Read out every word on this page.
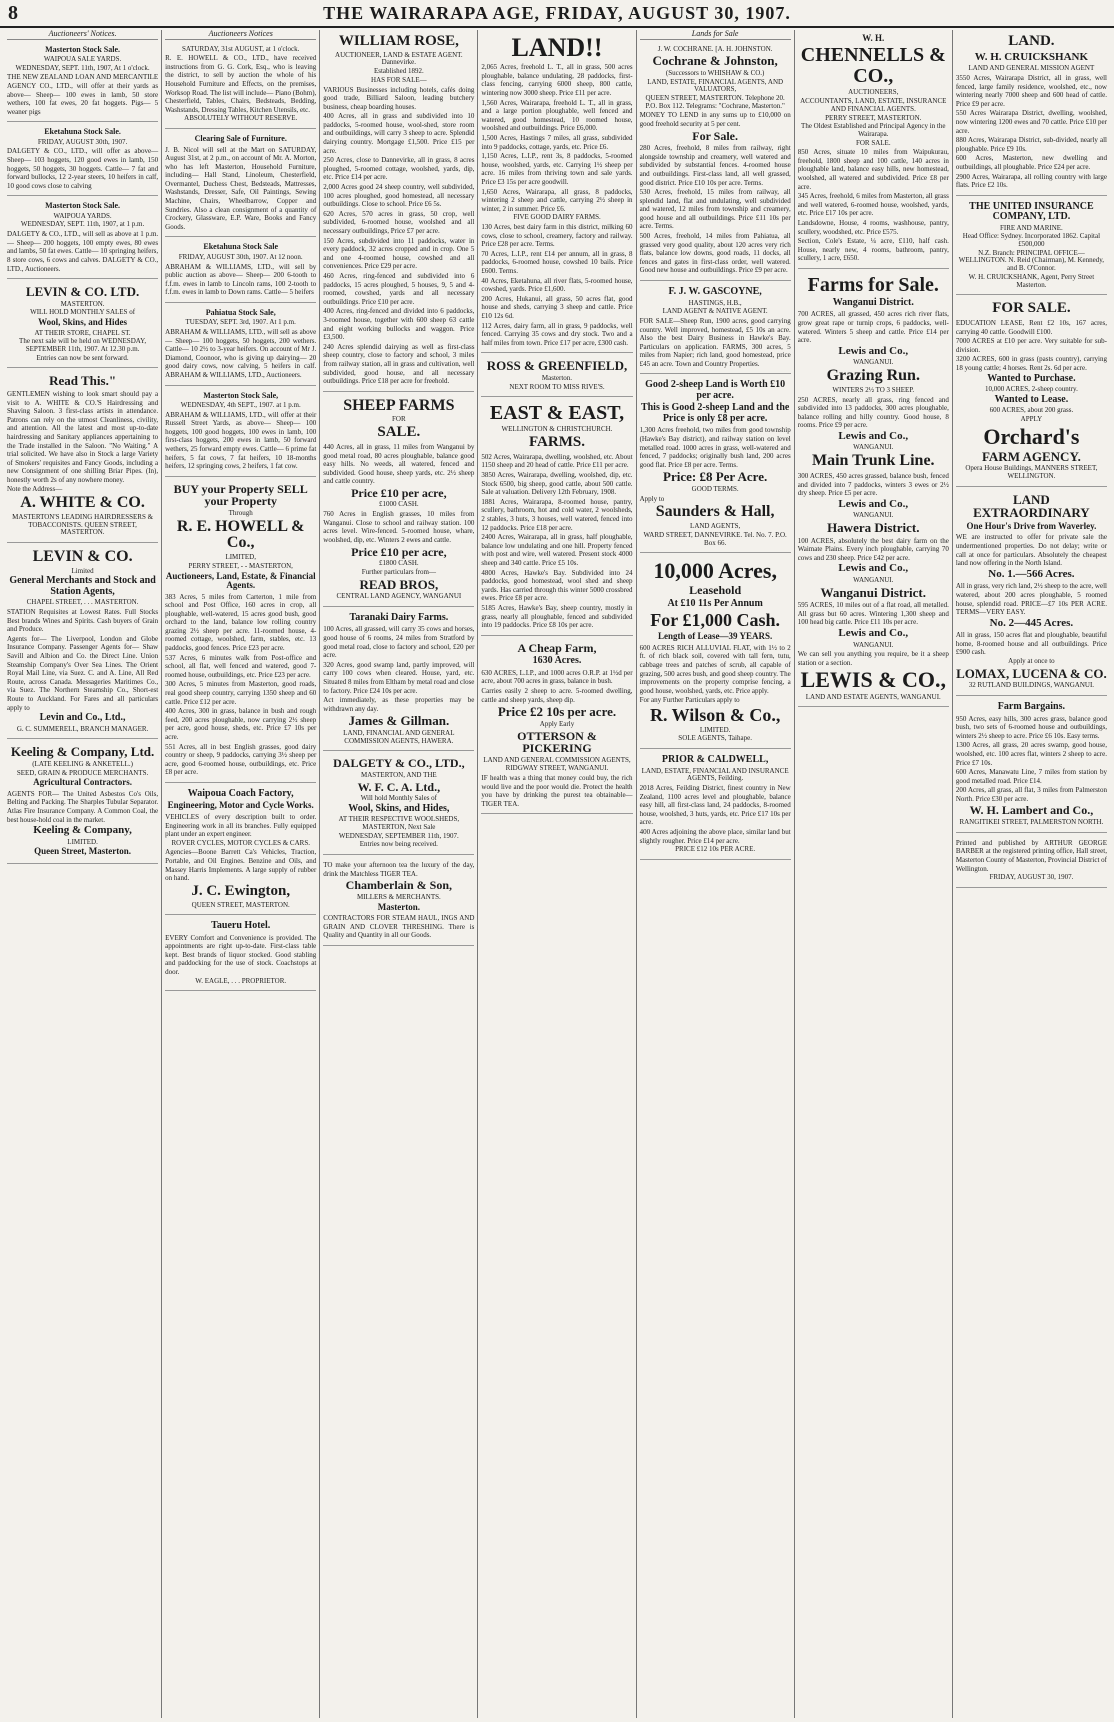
8	THE WAIRARAPA AGE, FRIDAY, AUGUST 30, 1907.
Auctioneers' Notices.
Masterton Stock Sale.
WAIPOUA SALE YARDS.
WEDNESDAY, SEPT. 11th, 1907, At 1 o'clock.
THE NEW ZEALAND LOAN AND MERCANTILE AGENCY CO., LTD., will offer at their yards as above— Sheep— 100 ewes in lamb, 50 store wethers, 100 fat ewes, 20 fat hoggets. Pigs— 5 weaner pigs
Eketahuna Stock Sale.
FRIDAY, AUGUST 30th, 1907.
DALGETY & CO., LTD., will offer as above— Sheep— 103 hoggets, 120 good ewes in lamb, 150 hoggets, 50 hoggets, 30 hoggets. Cattle— 7 fat and forward bullocks, 12 2-year steers, 10 heifers in calf, 10 good cows close to calving
Masterton Stock Sale.
WAIPOUA YARDS.
WEDNESDAY, SEPT. 11th, 1907, at 1 p.m.
DALGETY & CO., LTD., will sell as above at 1 p.m.— Sheep— 200 hoggets, 100 empty ewes, 80 ewes and lambs, 50 fat ewes. Cattle— 10 springing heifers, 8 store cows, 6 cows and calves. DALGETY & CO., LTD., Auctioneers.
LEVIN & CO. LTD.
MASTERTON.
WILL HOLD MONTHLY SALES of
Wool, Skins, and Hides
AT THEIR STORE, CHAPEL ST.
The next sale will be held on WEDNESDAY, SEPTEMBER 11th, 1907. At 12.30 p.m.
Entries can now be sent forward.
Read This."
GENTLEMEN wishing to look smart should pay a visit to A. WHITE & CO.'S Hairdressing and Shaving Saloon. 3 first-class artists in attendance. Patrons can rely on the utmost Cleanliness, civility, and attention. All the latest and most up-to-date hairdressing and Sanitary appliances appertaining to the Trade installed in the Saloon. "No Waiting." A trial solicited. We have also in Stock a large Variety of Smokers' requisites and Fancy Goods, including a new Consignment of one shilling Briar Pipes. (In), honestly worth 2s of any nowhere money.
Note the Address—
A. WHITE & CO.
MASTERTON'S LEADING HAIRDRESSERS & TOBACCONISTS. QUEEN STREET, MASTERTON.
LEVIN & CO.
Limited
General Merchants and Stock and Station Agents,
CHAPEL STREET, . . . MASTERTON.
STATION Requisites at Lowest Rates. Full Stocks Best brands Wines and Spirits. Cash buyers of Grain and Produce.
Agents for— The Liverpool, London and Globe Insurance Company. Passenger Agents for— Shaw Savill and Albion and Co. the Direct Line. Union Steamship Company's Over Sea Lines. The Orient Royal Mail Line, via Suez. C. and A. Line, All Red Route, across Canada. Messageries Maritimes Co., via Suez. The Northern Steamship Co., Short-est Route to Auckland. For Fares and all particulars apply to
Levin and Co., Ltd.,
G. C. SUMMERELL, BRANCH MANAGER.
Keeling & Company, Ltd.
(LATE KEELING & ANKETELL.)
SEED, GRAIN & PRODUCE MERCHANTS.
Agricultural Contractors.
AGENTS FOR— The United Asbestos Co's Oils, Belting and Packing. The Sharples Tubular Separator. Atlas Fire Insurance Company. A Common Coal, the best house-hold coal in the market.
Keeling & Company,
LIMITED.
Queen Street, Masterton.
Auctioneers Notices
SATURDAY, 31st AUGUST, at 1 o'clock.
R. E. HOWELL & CO., LTD., have received instructions from G. G. Cork, Esq., who is leaving the district, to sell by auction the whole of his Household Furniture and Effects, on the premises, Worksop Road. The list will include— Piano (Bohm), Chesterfield, Tables, Chairs, Bedsteads, Bedding, Washstands, Dressing Tables, Kitchen Utensils, etc.
ABSOLUTELY WITHOUT RESERVE.
Clearing Sale of Furniture.
J. B. Nicol will sell at the Mart on SATURDAY, August 31st, at 2 p.m., on account of Mr. A. Morton, who has left Masterton, Household Furniture, including— Hall Stand, Linoleum, Chesterfield, Overmantel, Duchess Chest, Bedsteads, Mattresses, Washstands, Dresser, Safe, Oil Paintings, Sewing Machine, Chairs, Wheelbarrow, Copper and Sundries. Also a clean consignment of a quantity of Crockery, Glassware, E.P. Ware, Books and Fancy Goods.
Eketahuna Stock Sale
FRIDAY, AUGUST 30th, 1907. At 12 noon.
ABRAHAM & WILLIAMS, LTD., will sell by public auction as above— Sheep— 200 6-tooth to f.f.m. ewes in lamb to Lincoln rams, 100 2-tooth to f.f.m. ewes in lamb to Down rams. Cattle— 5 heifers
Pahiatua Stock Sale,
TUESDAY, SEPT. 3rd, 1907. At 1 p.m.
ABRAHAM & WILLIAMS, LTD., will sell as above— Sheep— 100 hoggets, 50 hoggets, 200 wethers. Cattle— 10 2½ to 3-year heifers. On account of Mr J. Diamond, Coonoor, who is giving up dairying— 20 good dairy cows, now calving, 5 heifers in calf. ABRAHAM & WILLIAMS, LTD., Auctioneers.
Masterton Stock Sale,
WEDNESDAY, 4th SEPT., 1907. at 1 p.m.
ABRAHAM & WILLIAMS, LTD., will offer at their Russell Street Yards, as above— Sheep— 100 hoggets, 100 good hoggets, 100 ewes in lamb, 100 first-class hoggets, 200 ewes in lamb, 50 forward wethers, 25 forward empty ewes. Cattle— 6 prime fat heifers, 5 fat cows, 7 fat heifers, 10 18-months heifers, 12 springing cows, 2 heifers, 1 fat cow.
BUY your Property SELL your Property
Through
R. E. HOWELL & Co.,
LIMITED,
PERRY STREET, - - MASTERTON,
Auctioneers, Land, Estate, & Financial Agents.
383 Acres, 5 miles from Carterton, 1 mile from school and Post Office, 160 acres in crop, all ploughable, well-watered, 15 acres good bush, good orchard to the land, balance low rolling country grazing 2½ sheep per acre. 11-roomed house, 4-roomed cottage, woolshed, farm, stables, etc. 13 paddocks, good fences. Price £23 per acre.
537 Acres, 6 minutes walk from Post-office and school, all flat, well fenced and watered, good 7-roomed house, outbuildings, etc. Price £23 per acre.
300 Acres, 5 minutes from Masterton, good roads, real good sheep country, carrying 1350 sheep and 60 cattle. Price £12 per acre.
400 Acres, 300 in grass, balance in bush and rough feed, 200 acres ploughable, now carrying 2½ sheep per acre, good house, sheds, etc. Price £7 10s per acre.
551 Acres, all in best English grasses, good dairy country or sheep, 9 paddocks, carrying 3½ sheep per acre, good 6-roomed house, outbuildings, etc. Price £8 per acre.
Waipoua Coach Factory,
Engineering, Motor and Cycle Works.
VEHICLES of every description built to order. Engineering work in all its branches. Fully equipped plant under an expert engineer.
ROVER CYCLES, MOTOR CYCLES & CARS.
Agencies—Boone Barrett Ca's Vehicles, Traction, Portable, and Oil Engines. Benzine and Oils, and Massey Harris Implements. A large supply of rubber on hand.
J. C. Ewington,
QUEEN STREET, MASTERTON.
Taueru Hotel.
EVERY Comfort and Convenience is provided. The appointments are right up-to-date. First-class table kept. Best brands of liquor stocked. Good stabling and paddocking for the use of stock. Coachstops at door.
W. EAGLE, . . . PROPRIETOR.
WILLIAM ROSE,
AUCTIONEER, LAND & ESTATE AGENT. Dannevirke.
Established 1892.
HAS FOR SALE—
VARIOUS Businesses including hotels, cafés doing good trade, Billiard Saloon, leading butchery business, cheap boarding houses.
400 Acres, all in grass and subdivided into 10 paddocks, 5-roomed house, wool-shed, store room and outbuildings, will carry 3 sheep to acre. Splendid dairying country. Mortgage £1,500. Price £15 per acre.
250 Acres, close to Dannevirke, all in grass, 8 acres ploughed, 5-roomed cottage, woolshed, yards, dip, etc. Price £14 per acre.
2,000 Acres good 24 sheep country, well subdivided, 100 acres ploughed, good homestead, all necessary outbuildings. Close to school. Price £6 5s.
620 Acres, 570 acres in grass, 50 crop, well subdivided, 6-roomed house, woolshed and all necessary outbuildings, Price £7 per acre.
150 Acres, subdivided into 11 paddocks, water in every paddock, 32 acres cropped and in crop. One 5 and one 4-roomed house, cowshed and all conveniences. Price £29 per acre.
460 Acres, ring-fenced and subdivided into 6 paddocks, 15 acres ploughed, 5 houses, 9, 5 and 4-roomed, cowshed, yards and all necessary outbuildings. Price £10 per acre.
400 Acres, ring-fenced and divided into 6 paddocks, 3-roomed house, together with 600 sheep 63 cattle and eight working bullocks and waggon. Price £3,500.
240 Acres splendid dairying as well as first-class sheep country, close to factory and school, 3 miles from railway station, all in grass and cultivation, well subdivided, good house, and all necessary outbuildings. Price £18 per acre for freehold.
SHEEP FARMS
FOR
SALE.
440 Acres, all in grass, 11 miles from Wanganui by good metal road, 80 acres ploughable, balance good easy hills. No weeds, all watered, fenced and subdivided. Good house, sheep yards, etc. 2½ sheep and cattle country.
Price £10 per acre,
£1000 CASH.
760 Acres in English grasses, 10 miles from Wanganui. Close to school and railway station. 100 acres level. Wire-fenced. 5-roomed house, whare, woolshed, dip, etc. Winters 2 ewes and cattle.
Price £10 per acre,
£1800 CASH.
Further particulars from—
READ BROS,
CENTRAL LAND AGENCY, WANGANUI
Taranaki Dairy Farms.
100 Acres, all grassed, will carry 35 cows and horses, good house of 6 rooms, 24 miles from Stratford by good metal road, close to factory and school, £20 per acre.
320 Acres, good swamp land, partly improved, will carry 100 cows when cleared. House, yard, etc. Situated 8 miles from Eltham by metal road and close to factory. Price £24 10s per acre.
Act immediately, as these properties may be withdrawn any day.
James & Gillman.
LAND, FINANCIAL AND GENERAL COMMISSION AGENTS, HAWERA.
DALGETY & CO., LTD.,
MASTERTON, AND THE
W. F. C. A. Ltd.,
Will hold Monthly Sales of
Wool, Skins, and Hides,
AT THEIR RESPECTIVE WOOLSHEDS, MASTERTON, Next Sale
WEDNESDAY, SEPTEMBER 11th, 1907.
Entries now being received.
TO make your afternoon tea the luxury of the day, drink the Matchless TIGER TEA.
Chamberlain & Son,
MILLERS & MERCHANTS.
Masterton.
CONTRACTORS FOR STEAM HAUL, INGS AND GRAIN AND CLOVER THRESHING. There is Quality and Quantity in all our Goods.
LAND!!
2,065 Acres, freehold L. T., all in grass, 500 acres ploughable, balance undulating, 28 paddocks, first-class fencing, carrying 6000 sheep, 800 cattle, wintering now 3000 sheep. Price £11 per acre.
1,560 Acres, Wairarapa, freehold L. T., all in grass, and a large portion ploughable, well fenced and watered, good homestead, 10 roomed house, woolshed and outbuildings. Price £6,000.
1,500 Acres, Hastings 7 miles, all grass, subdivided into 9 paddocks, cottage, yards, etc. Price £6.
1,150 Acres, L.I.P., rent 3s, 8 paddocks, 5-roomed house, woolshed, yards, etc. Carrying 1½ sheep per acre. 16 miles from thriving town and sale yards. Price £3 15s per acre goodwill.
1,650 Acres, Wairarapa, all grass, 8 paddocks, wintering 2 sheep and cattle, carrying 2½ sheep in winter, 2 in summer. Price £6.
FIVE GOOD DAIRY FARMS.
130 Acres, best dairy farm in this district, milking 60 cows, close to school, creamery, factory and railway. Price £28 per acre. Terms.
70 Acres, L.I.P., rent £14 per annum, all in grass, 8 paddocks, 6-roomed house, cowshed 10 bails. Price £600. Terms.
40 Acres, Eketahuna, all river flats, 5-roomed house, cowshed, yards. Price £1,600.
200 Acres, Hukanui, all grass, 50 acres flat, good house and sheds, carrying 3 sheep and cattle. Price £10 12s 6d.
112 Acres, dairy farm, all in grass, 9 paddocks, well fenced. Carrying 35 cows and dry stock. Two and a half miles from town. Price £17 per acre, £300 cash.
ROSS & GREENFIELD,
Masterton.
NEXT ROOM TO MISS RIVE'S.
EAST & EAST,
WELLINGTON & CHRISTCHURCH.
FARMS.
502 Acres, Wairarapa, dwelling, woolshed, etc. About 1150 sheep and 20 head of cattle. Price £11 per acre.
3850 Acres, Wairarapa, dwelling, woolshed, dip, etc. Stock 6500, big sheep, good cattle, about 500 cattle. Sale at valuation. Delivery 12th February, 1908.
1881 Acres, Wairarapa, 8-roomed house, pantry, scullery, bathroom, hot and cold water, 2 woolsheds, 2 stables, 3 huts, 3 houses, well watered, fenced into 12 paddocks. Price £18 per acre.
2400 Acres, Wairarapa, all in grass, half ploughable, balance low undulating and one hill. Property fenced with post and wire, well watered. Present stock 4000 sheep and 340 cattle. Price £5 10s.
4800 Acres, Hawke's Bay. Subdivided into 24 paddocks, good homestead, wool shed and sheep yards. Has carried through this winter 5000 crossbred ewes. Price £8 per acre.
5185 Acres, Hawke's Bay, sheep country, mostly in grass, nearly all ploughable, fenced and subdivided into 19 paddocks. Price £8 10s per acre.
A Cheap Farm,
1630 Acres.
630 ACRES, L.I.P., and 1000 acres O.R.P. at 1½d per acre, about 700 acres in grass, balance in bush.
Carries easily 2 sheep to acre. 5-roomed dwelling, cattle and sheep yards, sheep dip.
Price £2 10s per acre.
Apply Early
OTTERSON & PICKERING
LAND AND GENERAL COMMISSION AGENTS,
RIDGWAY STREET, WANGANUI.
IF health was a thing that money could buy, the rich would live and the poor would die. Protect the health you have by drinking the purest tea obtainable— TIGER TEA.
Lands for Sale
J. W. COCHRANE. [A. H. JOHNSTON.
Cochrane & Johnston,
(Successors to WHISHAW & CO.)
LAND, ESTATE, FINANCIAL AGENTS, AND VALUATORS,
QUEEN STREET, MASTERTON. Telephone 20. P.O. Box 112. Telegrams: "Cochrane, Masterton."
MONEY TO LEND in any sums up to £10,000 on good freehold security at 5 per cent.
For Sale.
280 Acres, freehold, 8 miles from railway, right alongside township and creamery, well watered and subdivided by substantial fences. 4-roomed house and outbuildings. First-class land, all well grassed, good district. Price £10 10s per acre. Terms.
530 Acres, freehold, 15 miles from railway, all splendid land, flat and undulating, well subdivided and watered, 12 miles from township and creamery, good house and all outbuildings. Price £11 10s per acre. Terms.
500 Acres, freehold, 14 miles from Pahiatua, all grassed very good quality, about 120 acres very rich flats, balance low downs, good roads, 11 docks, all fences and gates in first-class order, well watered. Good new house and outbuildings. Price £9 per acre.
F. J. W. GASCOYNE,
HASTINGS, H.B.,
LAND AGENT & NATIVE AGENT.
FOR SALE—Sheep Run, 1900 acres, good carrying country. Well improved, homestead, £5 10s an acre. Also the best Dairy Business in Hawke's Bay. Particulars on application. FARMS, 300 acres, 5 miles from Napier; rich land, good homestead, price £45 an acre. Town and Country Properties.
Good 2-sheep Land is Worth £10 per acre.
This is Good 2-sheep Land and the Price is only £8 per acre.
1,300 Acres freehold, two miles from good township (Hawke's Bay district), and railway station on level metalled road. 1000 acres in grass, well-watered and fenced, 7 paddocks; originally bush land, 200 acres good flat. Price £8 per acre. Terms.
Price: £8 Per Acre.
GOOD TERMS.
Apply to
Saunders & Hall,
LAND AGENTS,
WARD STREET, DANNEVIRKE. Tel. No. 7. P.O. Box 66.
10,000 Acres,
Leasehold
At £10 11s Per Annum
For £1,000 Cash.
Length of Lease—39 YEARS.
600 ACRES RICH ALLUVIAL FLAT, with 1½ to 2 ft. of rich black soil, covered with tall fern, tutu, cabbage trees and patches of scrub, all capable of grazing, 500 acres bush, and good sheep country. The improvements on the property comprise fencing, a good house, woolshed, yards, etc. Price apply.
For any Further Particulars apply to
R. Wilson & Co.,
LIMITED.
SOLE AGENTS, Taihape.
PRIOR & CALDWELL,
LAND, ESTATE, FINANCIAL AND INSURANCE AGENTS, Feilding.
2018 Acres, Feilding District, finest country in New Zealand, 1100 acres level and ploughable, balance easy hill, all first-class land, 24 paddocks, 8-roomed house, woolshed, 3 huts, yards, etc. Price £17 10s per acre.
400 Acres adjoining the above place, similar land but slightly rougher. Price £14 per acre.
PRICE £12 10s PER ACRE.
W. H.
CHENNELLS & CO.,
AUCTIONEERS,
ACCOUNTANTS, LAND, ESTATE, INSURANCE AND FINANCIAL AGENTS.
PERRY STREET, MASTERTON.
The Oldest Established and Principal Agency in the Wairarapa.
FOR SALE.
850 Acres, situate 10 miles from Waipukurau, freehold, 1800 sheep and 100 cattle, 140 acres in ploughable land, balance easy hills, new homestead, woolshed, all watered and subdivided. Price £8 per acre.
345 Acres, freehold, 6 miles from Masterton, all grass and well watered, 6-roomed house, woolshed, yards, etc. Price £17 10s per acre.
Landsdowne, House, 4 rooms, washhouse, pantry, scullery, woodshed, etc. Price £575.
Section, Cole's Estate, ¼ acre, £110, half cash. House, nearly new, 4 rooms, bathroom, pantry, scullery, 1 acre, £650.
Farms for Sale.
Wanganui District.
700 ACRES, all grassed, 450 acres rich river flats, grow great rape or turnip crops, 6 paddocks, well-watered. Winters 5 sheep and cattle. Price £14 per acre.
Lewis and Co.,
WANGANUI.
Grazing Run.
WINTERS 2½ TO 3 SHEEP.
250 ACRES, nearly all grass, ring fenced and subdivided into 13 paddocks, 300 acres ploughable, balance rolling and hilly country. Good house, 8 rooms. Price £9 per acre.
Lewis and Co.,
WANGANUI.
Main Trunk Line.
300 ACRES, 450 acres grassed, balance bush, fenced and divided into 7 paddocks, winters 3 ewes or 2½ dry sheep. Price £5 per acre.
Lewis and Co.,
WANGANUI.
Hawera District.
100 ACRES, absolutely the best dairy farm on the Waimate Plains. Every inch ploughable, carrying 70 cows and 230 sheep. Price £42 per acre.
Lewis and Co.,
WANGANUI.
Wanganui District.
595 ACRES, 10 miles out of a flat road, all metalled. All grass but 60 acres. Wintering 1,300 sheep and 100 head big cattle. Price £11 10s per acre.
Lewis and Co.,
WANGANUI.
We can sell you anything you require, be it a sheep station or a section.
LEWIS & CO.,
LAND AND ESTATE AGENTS, WANGANUI.
LAND.
W. H. CRUICKSHANK
LAND AND GENERAL MISSION AGENT
3550 Acres, Wairarapa District, all in grass, well fenced, large family residence, woolshed, etc., now wintering nearly 7000 sheep and 600 head of cattle. Price £9 per acre.
550 Acres Wairarapa District, dwelling, woolshed, now wintering 1200 ewes and 70 cattle. Price £10 per acre.
880 Acres, Wairarapa District, sub-divided, nearly all ploughable. Price £9 10s.
600 Acres, Masterton, new dwelling and outbuildings, all ploughable. Price £24 per acre.
2900 Acres, Wairarapa, all rolling country with large flats. Price £2 10s.
THE UNITED INSURANCE COMPANY, LTD.
FIRE AND MARINE.
Head Office: Sydney. Incorporated 1862. Capital £500,000
N.Z. Branch: PRINCIPAL OFFICE—WELLINGTON. N. Reid (Chairman), M. Kennedy, and B. O'Connor.
W. H. CRUICKSHANK, Agent, Perry Street Masterton.
FOR SALE.
EDUCATION LEASE, Rent £2 10s, 167 acres, carrying 40 cattle. Goodwill £100.
7000 ACRES at £10 per acre. Very suitable for sub-division.
3200 ACRES, 600 in grass (pasts country), carrying 18 young cattle; 4 horses. Rent 2s. 6d per acre.
Wanted to Purchase.
10,000 ACRES, 2-sheep country.
Wanted to Lease.
600 ACRES, about 200 grass.
APPLY
Orchard's
FARM AGENCY.
Opera House Buildings, MANNERS STREET, WELLINGTON.
LAND EXTRAORDINARY
One Hour's Drive from Waverley.
WE are instructed to offer for private sale the undermentioned properties. Do not delay; write or call at once for particulars. Absolutely the cheapest land now offering in the North Island.
No. 1.—566 Acres.
All in grass, very rich land, 2½ sheep to the acre, well watered, about 200 acres ploughable, 5 roomed house, splendid road. PRICE—£7 10s PER ACRE. TERMS—VERY EASY.
No. 2—445 Acres.
All in grass, 150 acres flat and ploughable, beautiful home, 8-roomed house and all outbuildings. Price £900 cash.
Apply at once to
LOMAX, LUCENA & CO.
32 RUTLAND BUILDINGS, WANGANUI.
Farm Bargains.
950 Acres, easy hills, 300 acres grass, balance good bush, two sets of 6-roomed house and outbuildings, winters 2½ sheep to acre. Price £6 10s. Easy terms.
1300 Acres, all grass, 20 acres swamp, good house, woolshed, etc. 100 acres flat, winters 2 sheep to acre. Price £7 10s.
600 Acres, Manawatu Line, 7 miles from station by good metalled road. Price £14.
200 Acres, all grass, all flat, 3 miles from Palmerston North. Price £30 per acre.
W. H. Lambert and Co.,
RANGITIKEI STREET, PALMERSTON NORTH.
Printed and published by ARTHUR GEORGE BARBER at the registered printing office, Hall street, Masterton County of Masterton, Provincial District of Wellington.
FRIDAY, AUGUST 30, 1907.
